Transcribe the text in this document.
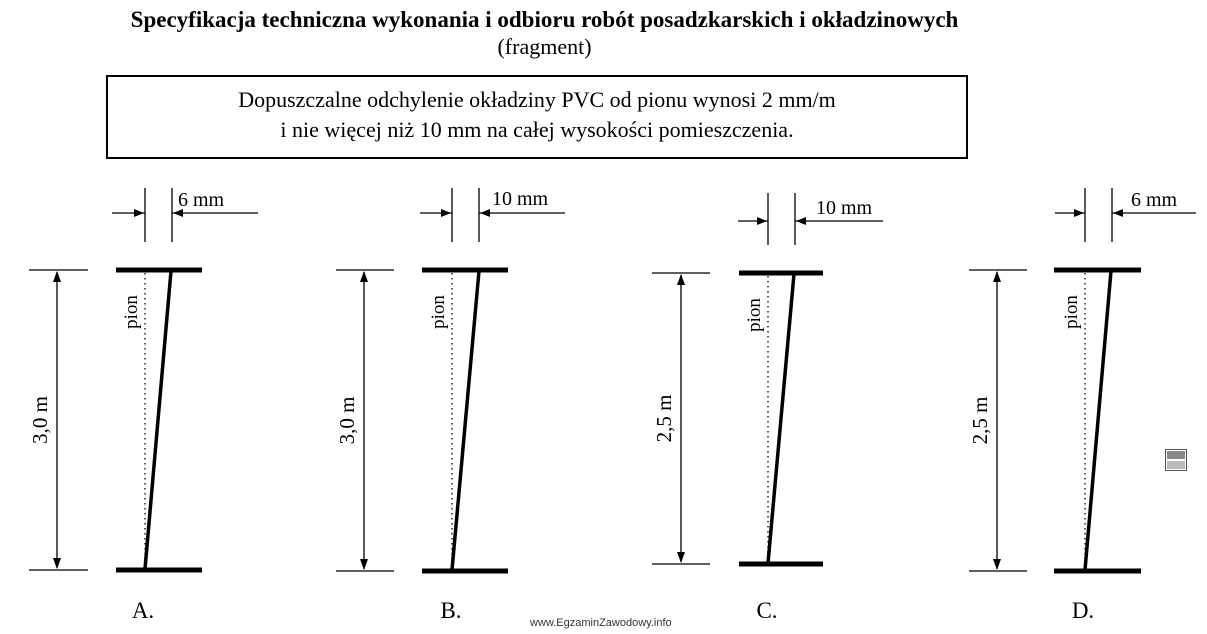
Specyfikacja techniczna wykonania i odbioru robót posadzkarskich i okładzinowych
(fragment)
Dopuszczalne odchylenie okładziny PVC od pionu wynosi 2 mm/m
i nie więcej niż 10 mm na całej wysokości pomieszczenia.
3,0 m
pion
6 mm
A.
3,0 m
pion
10 mm
B.
2,5 m
pion
10 mm
C.
2,5 m
pion
6 mm
D.
www.EgzaminZawodowy.info
